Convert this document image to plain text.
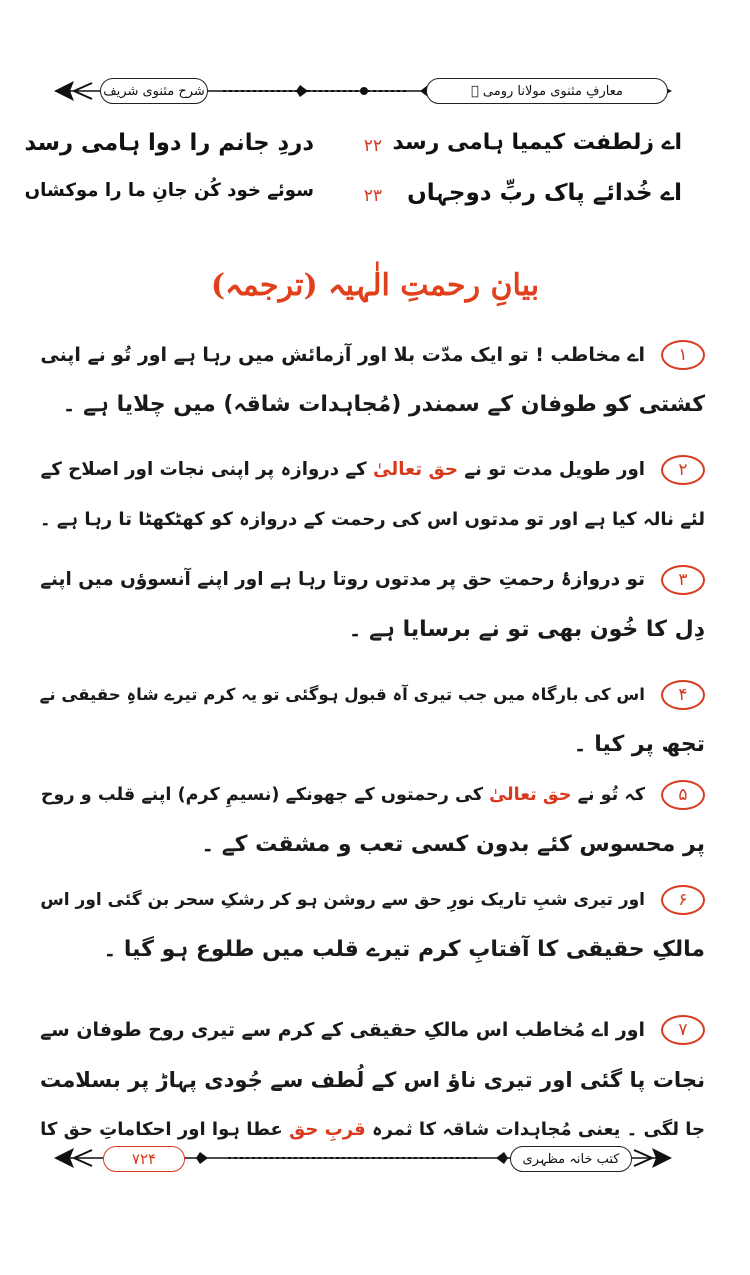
شرح مثنوی شریف	معارفِ مثنوی مولانا رومی ﷫
اے زلطفت کیمیا ہامی رسد
۲۲
دردِ جانم را دوا ہامی رسد
اے خُدائے پاک ربِّ دوجہاں
۲۳
سوئے خود کُن جانِ ما را موکشاں
بیانِ رحمتِ الٰہیہ (ترجمہ)
۱
اے مخاطب ! تو ایک مدّت بلا اور آزمائش میں رہا ہے اور تُو نے اپنی
کشتی کو طوفان کے سمندر (مُجاہدات شاقہ) میں چلایا ہے ۔
۲
اور طویل مدت تو نے حق تعالیٰ کے دروازہ پر اپنی نجات اور اصلاح کے
لئے نالہ کیا ہے اور تو مدتوں اس کی رحمت کے دروازہ کو کھٹکھٹا تا رہا ہے ۔
۳
تو دروازۂ رحمتِ حق پر مدتوں روتا رہا ہے اور اپنے آنسوؤں میں اپنے
دِل کا خُون بھی تو نے برسایا ہے ۔
۴
اس کی بارگاہ میں جب تیری آہ قبول ہوگئی تو یہ کرم تیرے شاہِ حقیقی نے
تجھ پر کیا ۔
۵
کہ تُو نے حق تعالیٰ کی رحمتوں کے جھونکے (نسیمِ کرم) اپنے قلب و روح
پر محسوس کئے بدون کسی تعب و مشقت کے ۔
۶
اور تیری شبِ تاریک نورِ حق سے روشن ہو کر رشکِ سحر بن گئی اور اس
مالکِ حقیقی کا آفتابِ کرم تیرے قلب میں طلوع ہو گیا ۔
۷
اور اے مُخاطب اس مالکِ حقیقی کے کرم سے تیری روح طوفان سے
نجات پا گئی اور تیری ناؤ اس کے لُطف سے جُودی پہاڑ پر بسلامت
جا لگی ۔ یعنی مُجاہدات شاقہ کا ثمرہ قربِ حق عطا ہوا اور احکاماتِ حق کا
۷۲۴	کتب خانہ مظہری
